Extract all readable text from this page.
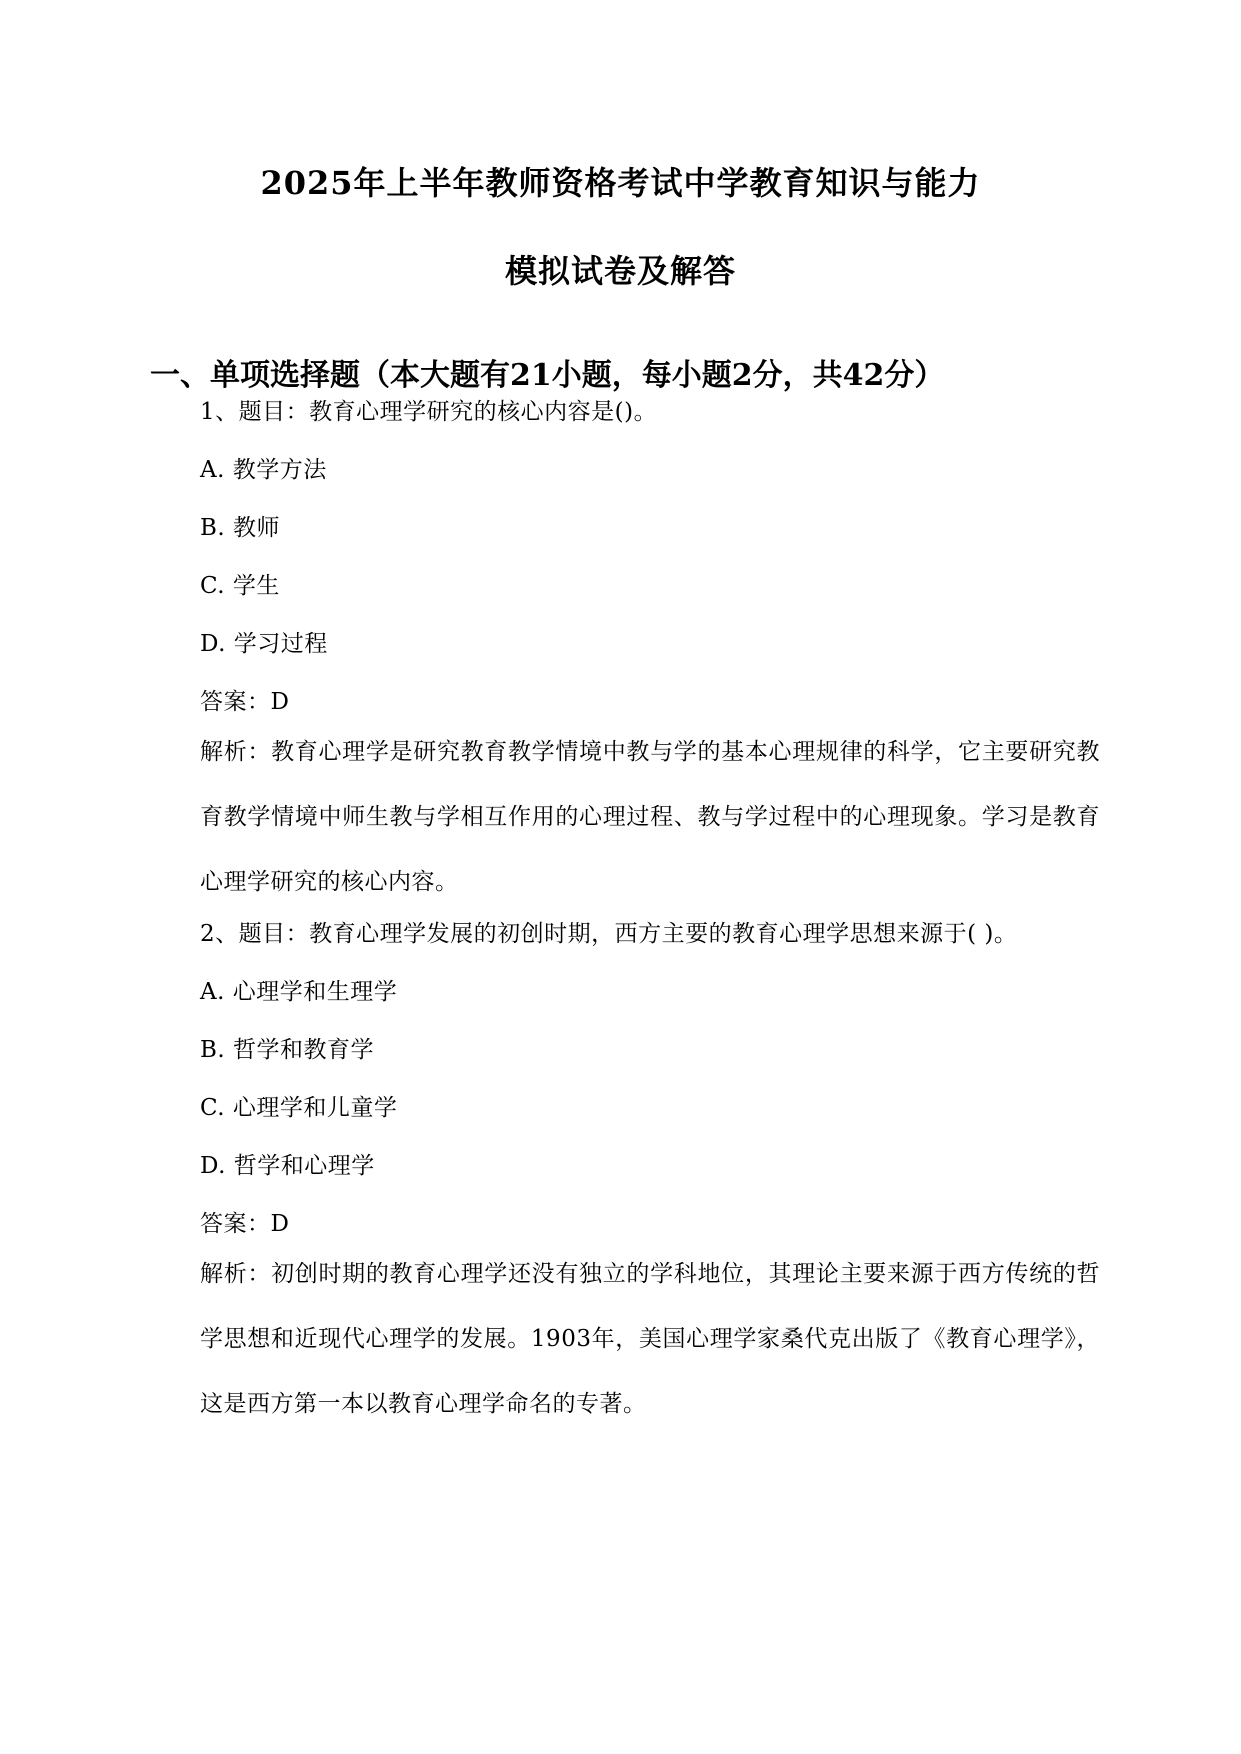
2025年上半年教师资格考试中学教育知识与能力
模拟试卷及解答
一、单项选择题（本大题有21小题，每小题2分，共42分）
1、题目：教育心理学研究的核心内容是()。
A. 教学方法
B. 教师
C. 学生
D. 学习过程
答案：D
解析：教育心理学是研究教育教学情境中教与学的基本心理规律的科学，它主要研究教育教学情境中师生教与学相互作用的心理过程、教与学过程中的心理现象。学习是教育心理学研究的核心内容。
2、题目：教育心理学发展的初创时期，西方主要的教育心理学思想来源于( )。
A. 心理学和生理学
B. 哲学和教育学
C. 心理学和儿童学
D. 哲学和心理学
答案：D
解析：初创时期的教育心理学还没有独立的学科地位，其理论主要来源于西方传统的哲学思想和近现代心理学的发展。1903年，美国心理学家桑代克出版了《教育心理学》，这是西方第一本以教育心理学命名的专著。
